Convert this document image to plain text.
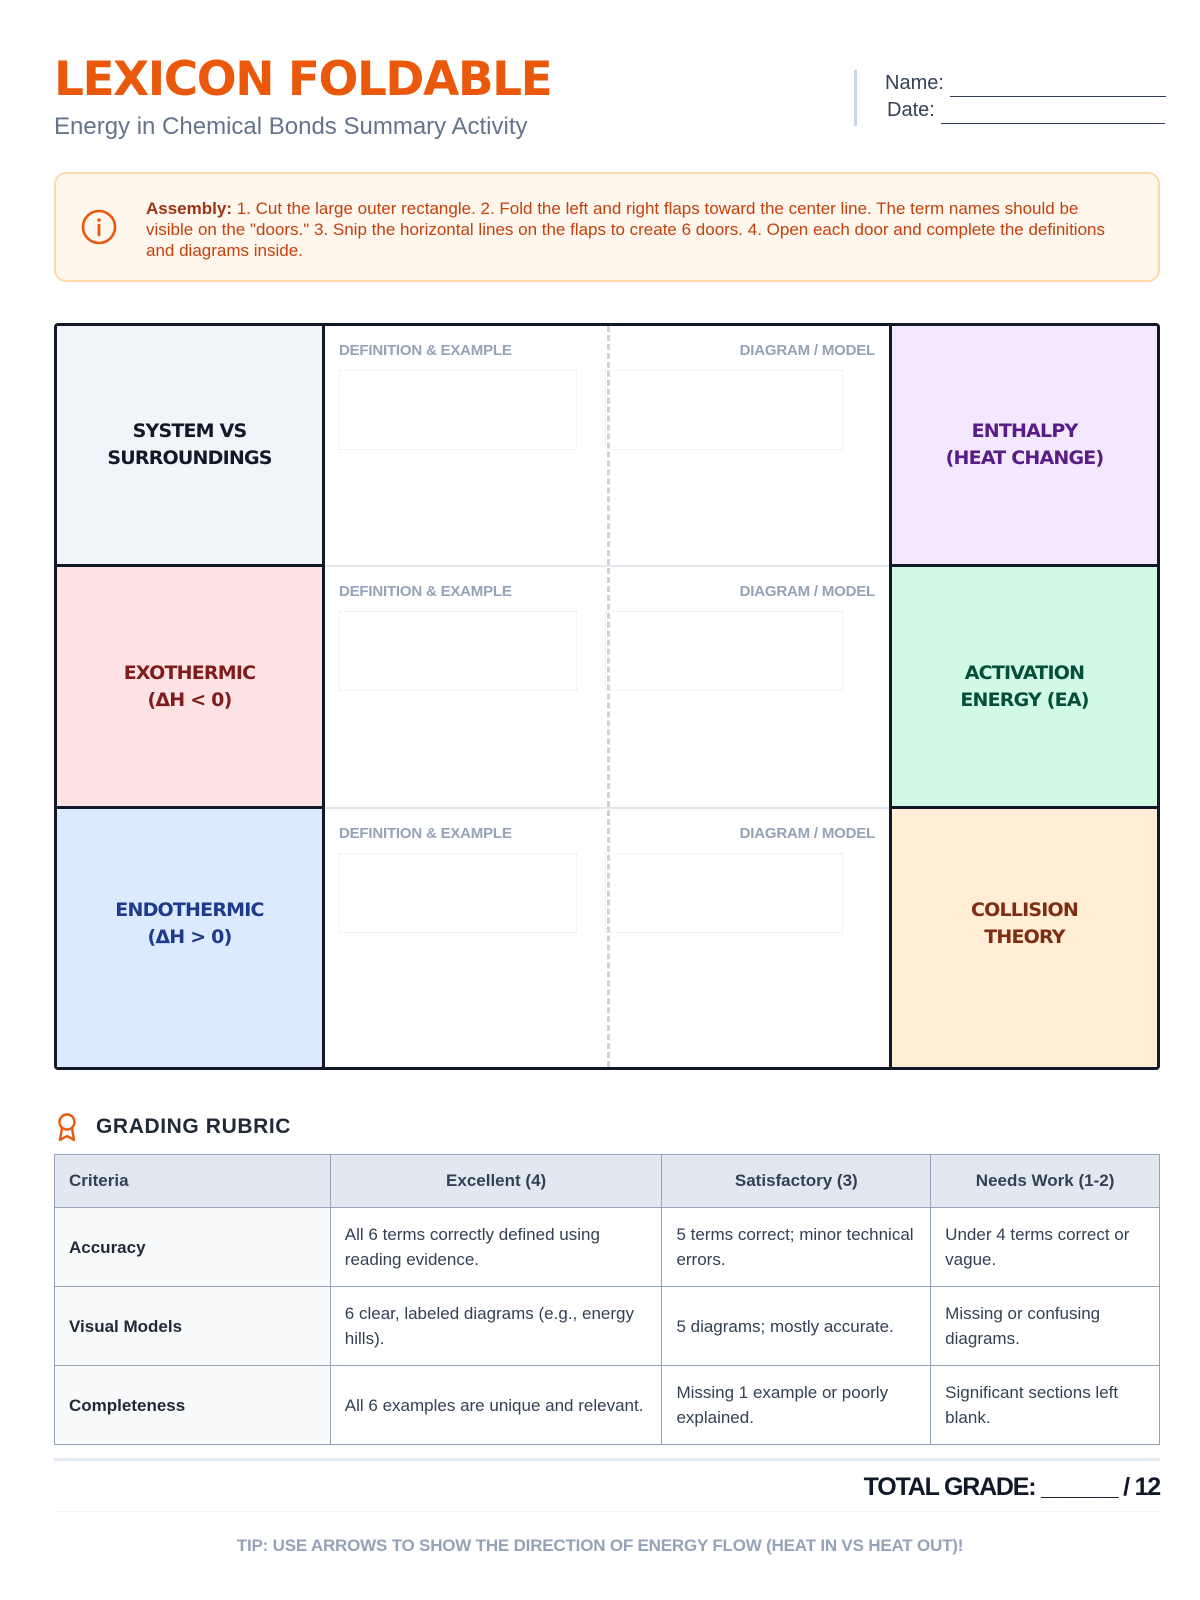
LEXICON FOLDABLE
Energy in Chemical Bonds Summary Activity
Name:
Date:
Assembly: 1. Cut the large outer rectangle. 2. Fold the left and right flaps toward the center line. The term names should be visible on the "doors." 3. Snip the horizontal lines on the flaps to create 6 doors. 4. Open each door and complete the definitions and diagrams inside.
SYSTEM VS
SURROUNDINGS
EXOTHERMIC
(ΔH < 0)
ENDOTHERMIC
(ΔH > 0)
ENTHALPY
(HEAT CHANGE)
ACTIVATION
ENERGY (EA)
COLLISION
THEORY
DEFINITION & EXAMPLE	DIAGRAM / MODEL
DEFINITION & EXAMPLE	DIAGRAM / MODEL
DEFINITION & EXAMPLE	DIAGRAM / MODEL
GRADING RUBRIC
Criteria	Excellent (4)	Satisfactory (3)	Needs Work (1-2)
Accuracy	All 6 terms correctly defined using reading evidence.	5 terms correct; minor technical errors.	Under 4 terms correct or vague.
Visual Models	6 clear, labeled diagrams (e.g., energy hills).	5 diagrams; mostly accurate.	Missing or confusing diagrams.
Completeness	All 6 examples are unique and relevant.	Missing 1 example or poorly explained.	Significant sections left blank.
TOTAL GRADE: ______ / 12
TIP: USE ARROWS TO SHOW THE DIRECTION OF ENERGY FLOW (HEAT IN VS HEAT OUT)!
